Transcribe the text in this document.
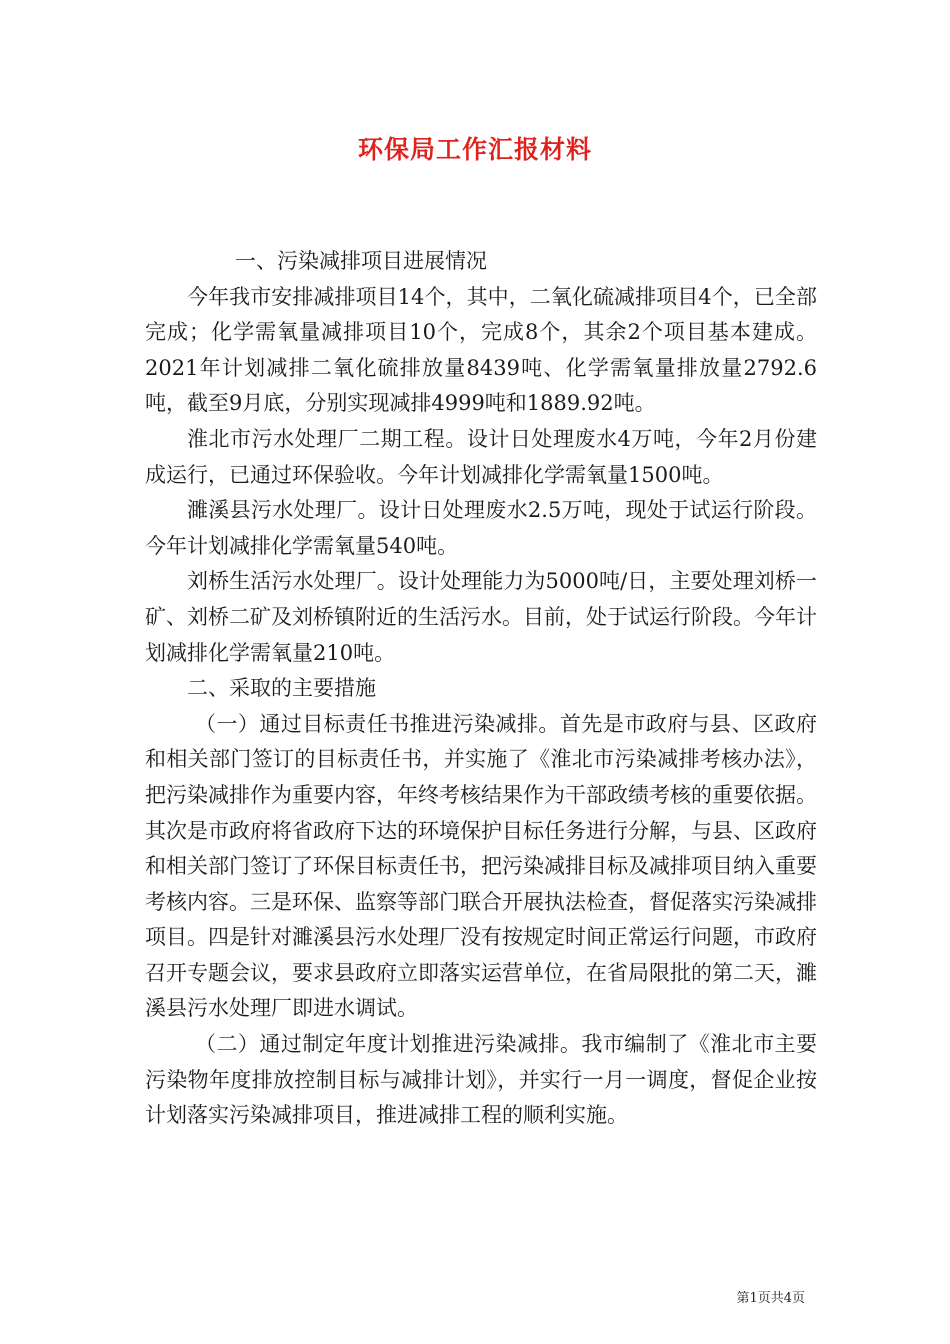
环保局工作汇报材料

一、污染减排项目进展情况

今年我市安排减排项目14个，其中，二氧化硫减排项目4个，已全部完成；化学需氧量减排项目10个，完成8个，其余2个项目基本建成。2021年计划减排二氧化硫排放量8439吨、化学需氧量排放量2792.6吨，截至9月底，分别实现减排4999吨和1889.92吨。

淮北市污水处理厂二期工程。设计日处理废水4万吨，今年2月份建成运行，已通过环保验收。今年计划减排化学需氧量1500吨。

濉溪县污水处理厂。设计日处理废水2.5万吨，现处于试运行阶段。今年计划减排化学需氧量540吨。

刘桥生活污水处理厂。设计处理能力为5000吨/日，主要处理刘桥一矿、刘桥二矿及刘桥镇附近的生活污水。目前，处于试运行阶段。今年计划减排化学需氧量210吨。

二、采取的主要措施

（一）通过目标责任书推进污染减排。首先是市政府与县、区政府和相关部门签订的目标责任书，并实施了《淮北市污染减排考核办法》，把污染减排作为重要内容，年终考核结果作为干部政绩考核的重要依据。其次是市政府将省政府下达的环境保护目标任务进行分解，与县、区政府和相关部门签订了环保目标责任书，把污染减排目标及减排项目纳入重要考核内容。三是环保、监察等部门联合开展执法检查，督促落实污染减排项目。四是针对濉溪县污水处理厂没有按规定时间正常运行问题，市政府召开专题会议，要求县政府立即落实运营单位，在省局限批的第二天，濉溪县污水处理厂即进水调试。

（二）通过制定年度计划推进污染减排。我市编制了《淮北市主要污染物年度排放控制目标与减排计划》，并实行一月一调度，督促企业按计划落实污染减排项目，推进减排工程的顺利实施。

第1页共4页
